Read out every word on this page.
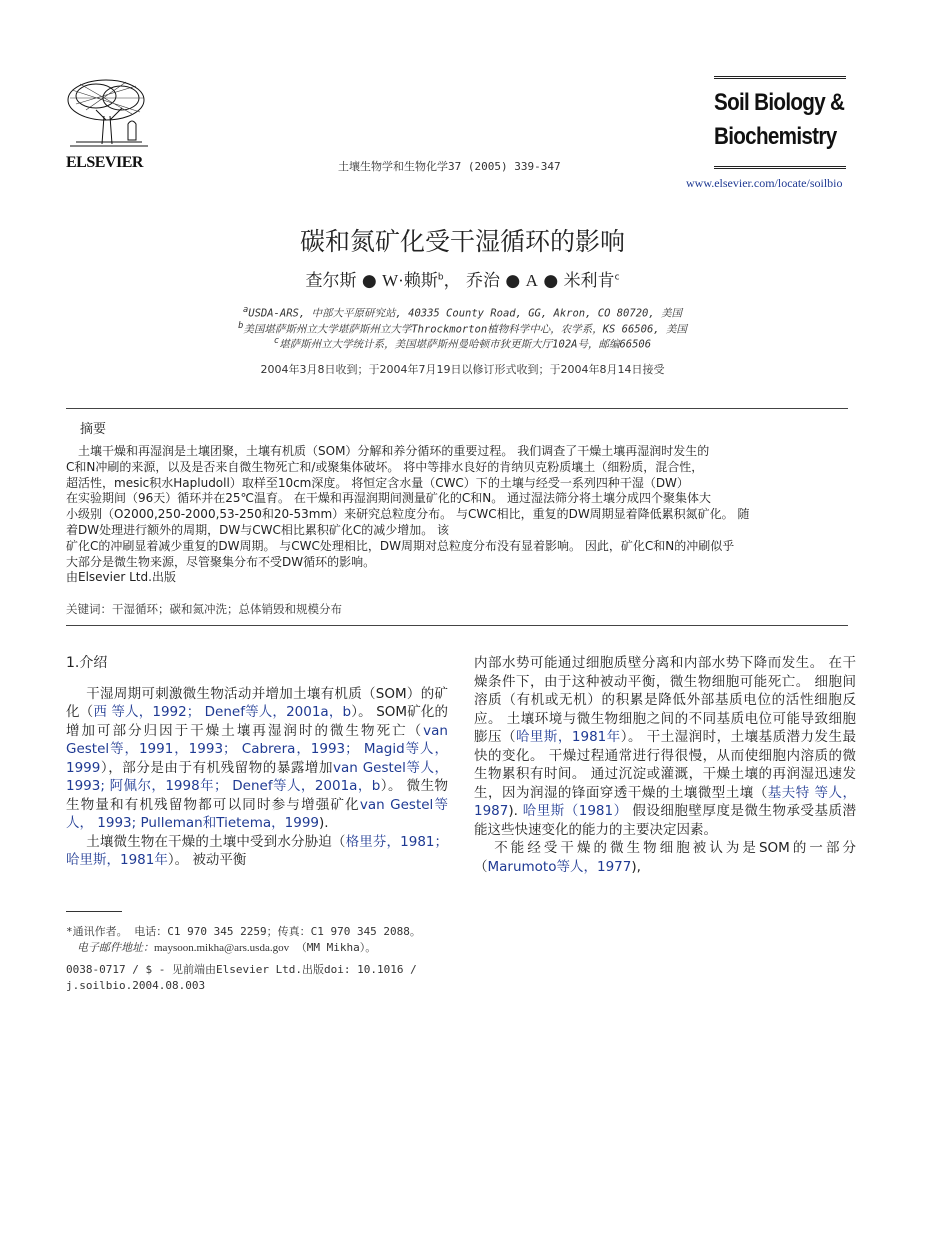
ELSEVIER	土壤生物学和生物化学37 (2005) 339-347
Soil Biology &
Biochemistry
www.elsevier.com/locate/soilbio
碳和氮矿化受干湿循环的影响
查尔斯 ● W·赖斯$^b$， 乔治 ● A ● 米利肯$^c$
$^a$USDA-ARS, 中部大平原研究站, 40335 County Road, GG, Akron, CO 80720, 美国
$^b$美国堪萨斯州立大学堪萨斯州立大学Throckmorton植物科学中心，农学系，KS 66506, 美国
$^c$堪萨斯州立大学统计系，美国堪萨斯州曼哈顿市狄更斯大厅102A号，邮编66506
2004年3月8日收到；于2004年7月19日以修订形式收到；于2004年8月14日接受
摘要

土壤干燥和再湿润是土壤团聚，土壤有机质（SOM）分解和养分循环的重要过程。 我们调查了干燥土壤再湿润时发生的

C和N冲刷的来源，以及是否来自微生物死亡和/或聚集体破坏。 将中等排水良好的肯纳贝克粉质壤土（细粉质，混合性，

超活性，mesic积水Hapludoll）取样至10cm深度。 将恒定含水量（CWC）下的土壤与经受一系列四种干湿（DW）

在实验期间（96天）循环并在25℃温育。 在干燥和再湿润期间测量矿化的C和N。 通过湿法筛分将土壤分成四个聚集体大

小级别（O2000,250-2000,53-250和20-53mm）来研究总粒度分布。 与CWC相比，重复的DW周期显着降低累积氮矿化。 随

着DW处理进行额外的周期，DW与CWC相比累积矿化C的减少增加。 该

矿化C的冲刷显着减少重复的DW周期。 与CWC处理相比，DW周期对总粒度分布没有显着影响。 因此，矿化C和N的冲刷似乎

大部分是微生物来源，尽管聚集分布不受DW循环的影响。

由Elsevier Ltd.出版

关键词：干湿循环；碳和氮冲洗；总体销毁和规模分布

1.介绍

干湿周期可刺激微生物活动并增加土壤有机质（SOM）的矿化（西 等人，1992； Denef等人，2001a，b）。 SOM矿化的增加可部分归因于干燥土壤再湿润时的微生物死亡（van Gestel等，1991，1993； Cabrera，1993； Magid等人，1999），部分是由于有机残留物的暴露增加van Gestel等人，1993; 阿佩尔，1998年； Denef等人，2001a，b）。 微生物生物量和有机残留物都可以同时参与增强矿化van Gestel等人， 1993; Pulleman和Tietema，1999).

土壤微生物在干燥的土壤中受到水分胁迫（格里芬，1981；哈里斯，1981年）。 被动平衡

内部水势可能通过细胞质壁分离和内部水势下降而发生。 在干燥条件下，由于这种被动平衡，微生物细胞可能死亡。 细胞间溶质（有机或无机）的积累是降低外部基质电位的活性细胞反应。 土壤环境与微生物细胞之间的不同基质电位可能导致细胞膨压（哈里斯，1981年）。 干土湿润时，土壤基质潜力发生最快的变化。 干燥过程通常进行得很慢，从而使细胞内溶质的微生物累积有时间。 通过沉淀或灌溉，干燥土壤的再润湿迅速发生，因为润湿的锋面穿透干燥的土壤微型土壤（基夫特 等人，1987). 哈里斯（1981） 假设细胞壁厚度是微生物承受基质潜能这些快速变化的能力的主要决定因素。

不能经受干燥的微生物细胞被认为是SOM的一部分（Marumoto等人，1977),

*通讯作者。 电话：C1 970 345 2259；传真：C1 970 345 2088。

电子邮件地址：maysoon.mikha@ars.usda.gov （MM Mikha）。

0038-0717 / $ - 见前端由Elsevier Ltd.出版doi: 10.1016 / j.soilbio.2004.08.003
